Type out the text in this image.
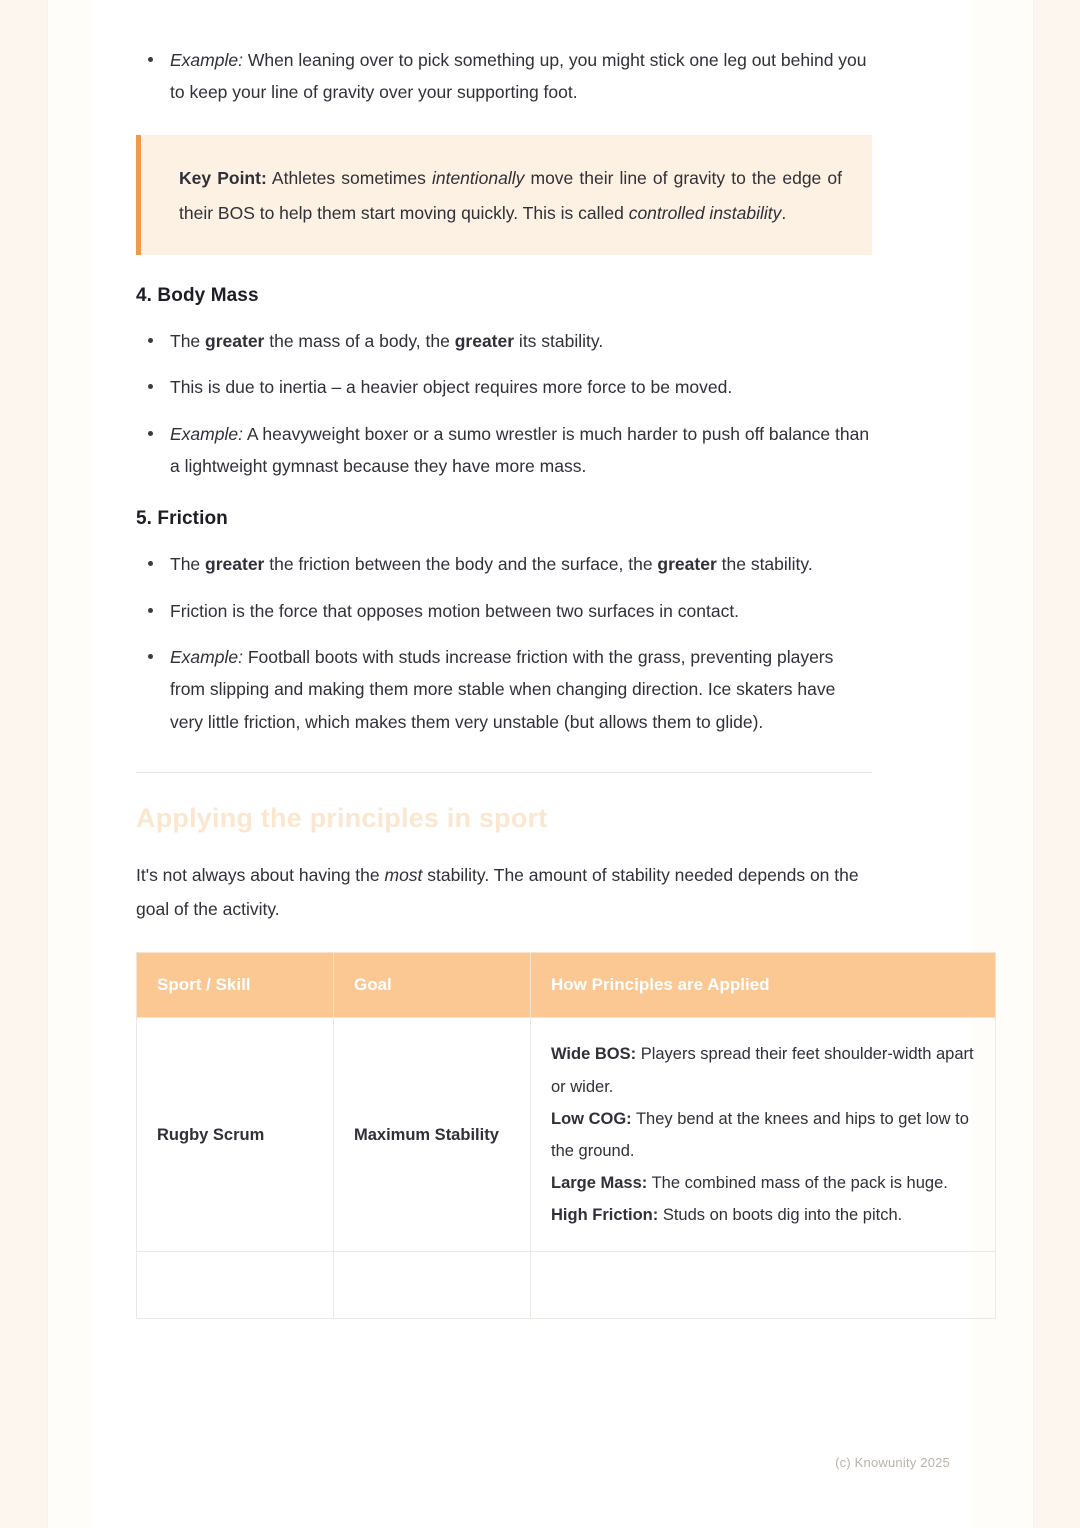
Example: When leaning over to pick something up, you might stick one leg out behind you to keep your line of gravity over your supporting foot.
Key Point: Athletes sometimes intentionally move their line of gravity to the edge of their BOS to help them start moving quickly. This is called controlled instability.
4. Body Mass
The greater the mass of a body, the greater its stability.
This is due to inertia – a heavier object requires more force to be moved.
Example: A heavyweight boxer or a sumo wrestler is much harder to push off balance than a lightweight gymnast because they have more mass.
5. Friction
The greater the friction between the body and the surface, the greater the stability.
Friction is the force that opposes motion between two surfaces in contact.
Example: Football boots with studs increase friction with the grass, preventing players from slipping and making them more stable when changing direction. Ice skaters have very little friction, which makes them very unstable (but allows them to glide).
Applying the principles in sport

It's not always about having the most stability. The amount of stability needed depends on the goal of the activity.

Sport / Skill	Goal	How Principles are Applied
Rugby Scrum	Maximum Stability	Wide BOS: Players spread their feet shoulder-width apart or wider.
Low COG: They bend at the knees and hips to get low to the ground.
Large Mass: The combined mass of the pack is huge.
High Friction: Studs on boots dig into the pitch.

(c) Knowunity 2025
